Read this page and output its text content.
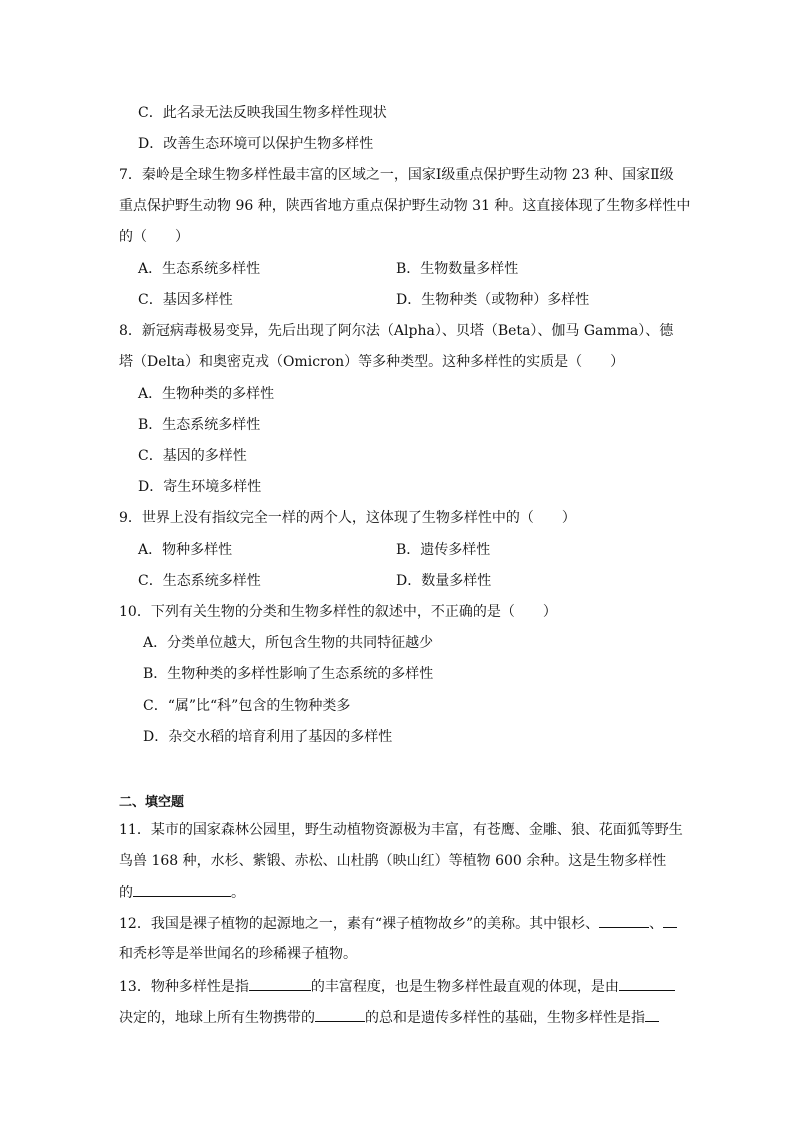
C．此名录无法反映我国生物多样性现状
D．改善生态环境可以保护生物多样性
7．秦岭是全球生物多样性最丰富的区域之一，国家Ⅰ级重点保护野生动物 23 种、国家Ⅱ级
重点保护野生动物 96 种，陕西省地方重点保护野生动物 31 种。这直接体现了生物多样性中
的（　　）
A．生态系统多样性	B．生物数量多样性
C．基因多样性	D．生物种类（或物种）多样性
8．新冠病毒极易变异，先后出现了阿尔法（Alpha）、贝塔（Beta）、伽马 Gamma）、德
塔（Delta）和奥密克戎（Omicron）等多种类型。这种多样性的实质是（　　）
A．生物种类的多样性
B．生态系统多样性
C．基因的多样性
D．寄生环境多样性
9．世界上没有指纹完全一样的两个人，这体现了生物多样性中的（　　）
A．物种多样性	B．遗传多样性
C．生态系统多样性	D．数量多样性
10．下列有关生物的分类和生物多样性的叙述中，不正确的是（　　）
A．分类单位越大，所包含生物的共同特征越少
B．生物种类的多样性影响了生态系统的多样性
C．“属”比“科”包含的生物种类多
D．杂交水稻的培育利用了基因的多样性
二、填空题
11．某市的国家森林公园里，野生动植物资源极为丰富，有苍鹰、金雕、狼、花面狐等野生
鸟兽 168 种，水杉、紫锻、赤松、山杜鹃（映山红）等植物 600 余种。这是生物多样性
的	。
12．我国是裸子植物的起源地之一，素有“裸子植物故乡”的美称。其中银杉、	、
和秃杉等是举世闻名的珍稀裸子植物。
13．物种多样性是指	的丰富程度，也是生物多样性最直观的体现，是由
决定的，地球上所有生物携带的	的总和是遗传多样性的基础，生物多样性是指
